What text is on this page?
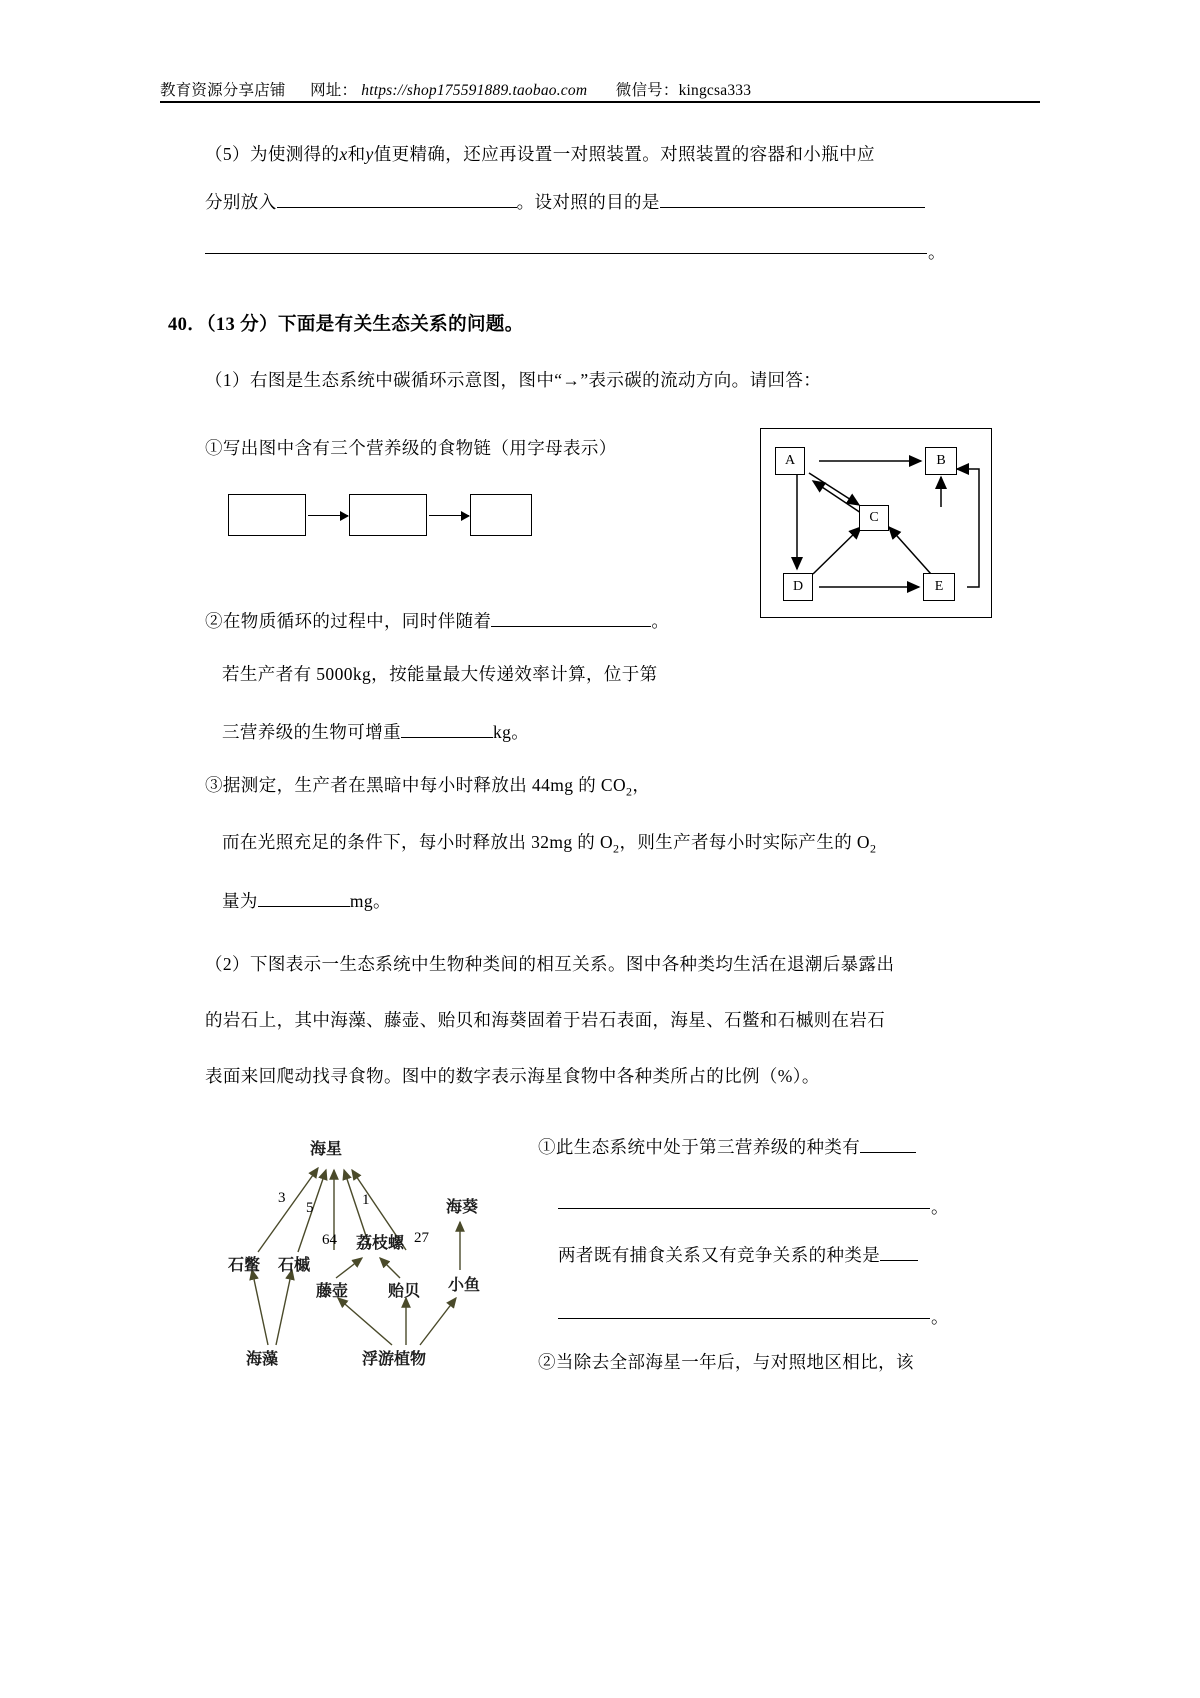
教育资源分享店铺 网址： https://shop175591889.taobao.com 微信号：kingcsa333
（5）为使测得的x和y值更精确，还应再设置一对照装置。对照装置的容器和小瓶中应
分别放入	。设对照的目的是
。
40．（13 分）下面是有关生态关系的问题。
（1）右图是生态系统中碳循环示意图，图中“→”表示碳的流动方向。请回答：
①写出图中含有三个营养级的食物链（用字母表示）
A	B
C
D	E
②在物质循环的过程中，同时伴随着	。
若生产者有 5000kg，按能量最大传递效率计算，位于第
三营养级的生物可增重	kg。
③据测定，生产者在黑暗中每小时释放出 44mg 的 $CO_2$，
而在光照充足的条件下，每小时释放出 32mg 的 $O_2$，则生产者每小时实际产生的 $O_2$
量为	mg。
（2）下图表示一生态系统中生物种类间的相互关系。图中各种类均生活在退潮后暴露出
的岩石上，其中海藻、藤壶、贻贝和海葵固着于岩石表面，海星、石鳖和石槭则在岩石
表面来回爬动找寻食物。图中的数字表示海星食物中各种类所占的比例（%）。
海星
海葵
石鳖 石槭
荔枝螺
藤壶 贻贝 小鱼
海藻	浮游植物
3
5	1
64	27
①此生态系统中处于第三营养级的种类有
。
两者既有捕食关系又有竞争关系的种类是
。
②当除去全部海星一年后，与对照地区相比，该
